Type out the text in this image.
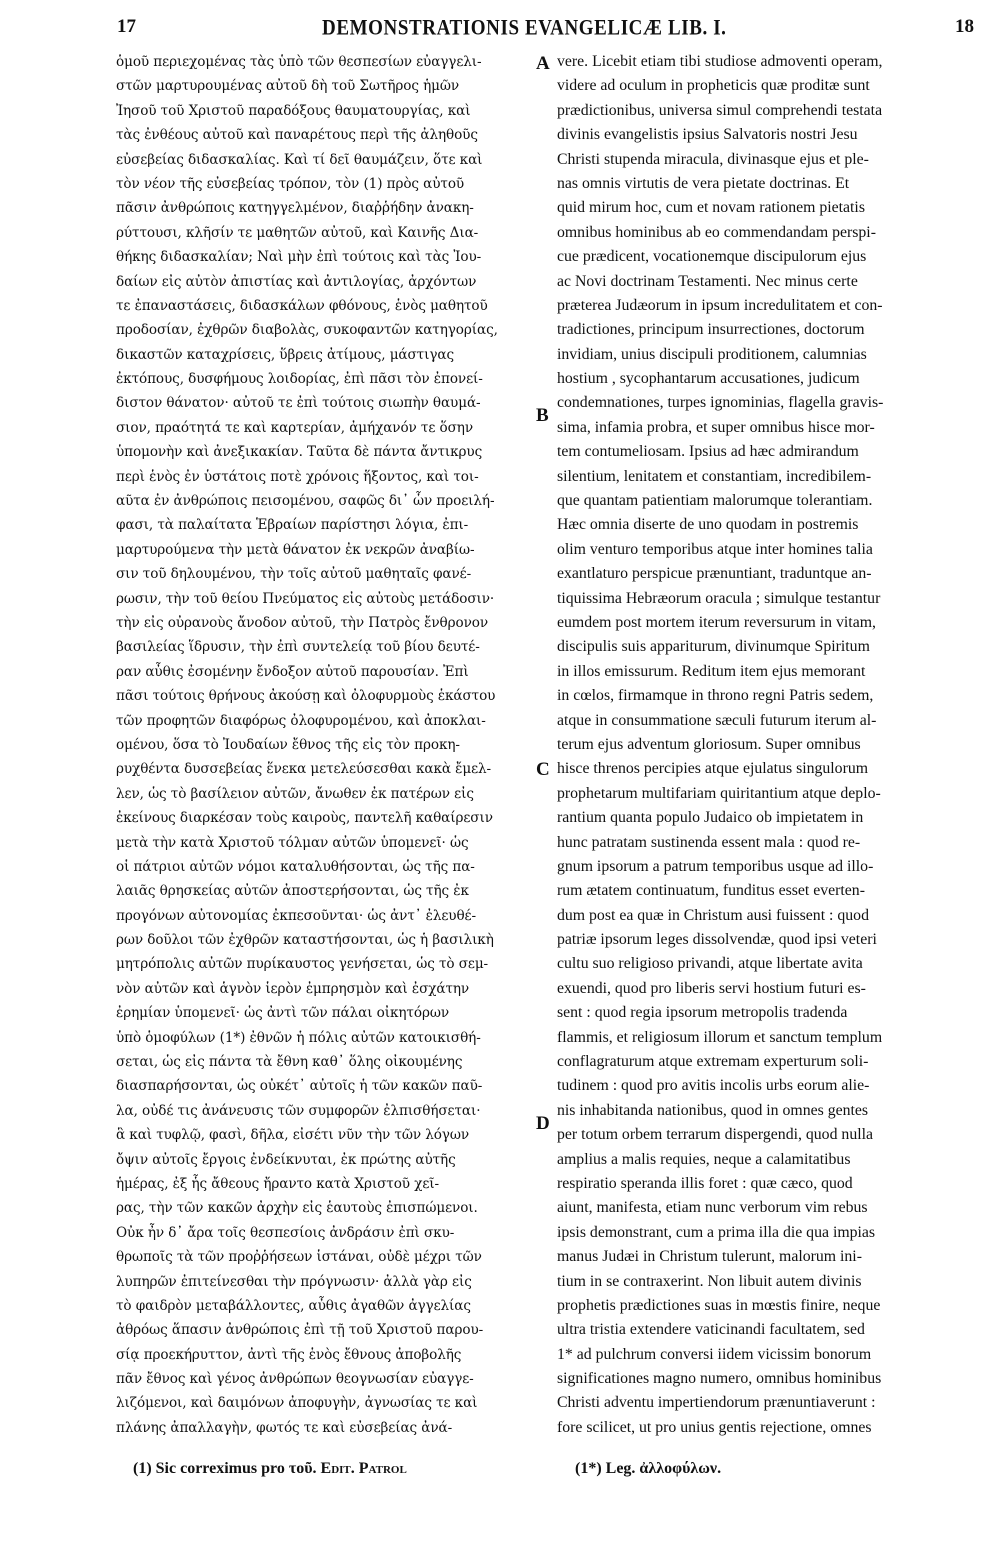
17	DEMONSTRATIONIS EVANGELICÆ LIB. I.	18
ὁμοῦ περιεχομένας τὰς ὑπὸ τῶν θεσπεσίων εὐαγγελι-
στῶν μαρτυρουμένας αὐτοῦ δὴ τοῦ Σωτῆρος ἡμῶν
Ἰησοῦ τοῦ Χριστοῦ παραδόξους θαυματουργίας, καὶ
τὰς ἐνθέους αὐτοῦ καὶ παναρέτους περὶ τῆς ἀληθοῦς
εὐσεβείας διδασκαλίας. Καὶ τί δεῖ θαυμάζειν, ὅτε καὶ
τὸν νέον τῆς εὐσεβείας τρόπον, τὸν (1) πρὸς αὐτοῦ
πᾶσιν ἀνθρώποις κατηγγελμένον, διαῤῥήδην ἀνακη-
ρύττουσι, κλῆσίν τε μαθητῶν αὐτοῦ, καὶ Καινῆς Δια-
θήκης διδασκαλίαν; Ναὶ μὴν ἐπὶ τούτοις καὶ τὰς Ἰου-
δαίων εἰς αὐτὸν ἀπιστίας καὶ ἀντιλογίας, ἀρχόντων
τε ἐπαναστάσεις, διδασκάλων φθόνους, ἑνὸς μαθητοῦ
προδοσίαν, ἐχθρῶν διαβολὰς, συκοφαντῶν κατηγορίας,
δικαστῶν καταχρίσεις, ὕβρεις ἀτίμους, μάστιγας
ἐκτόπους, δυσφήμους λοιδορίας, ἐπὶ πᾶσι τὸν ἐπονεί-
διστον θάνατον· αὐτοῦ τε ἐπὶ τούτοις σιωπὴν θαυμά-
σιον, πραότητά τε καὶ καρτερίαν, ἀμήχανόν τε ὅσην
ὑπομονὴν καὶ ἀνεξικακίαν. Ταῦτα δὲ πάντα ἄντικρυς
περὶ ἑνὸς ἐν ὑστάτοις ποτὲ χρόνοις ἥξοντος, καὶ τοι-
αῦτα ἐν ἀνθρώποις πεισομένου, σαφῶς δι᾽ ὧν προειλή-
φασι, τὰ παλαίτατα Ἑβραίων παρίστησι λόγια, ἐπι-
μαρτυρούμενα τὴν μετὰ θάνατον ἐκ νεκρῶν ἀναβίω-
σιν τοῦ δηλουμένου, τὴν τοῖς αὐτοῦ μαθηταῖς φανέ-
ρωσιν, τὴν τοῦ θείου Πνεύματος εἰς αὐτοὺς μετάδοσιν·
τὴν εἰς οὐρανοὺς ἄνοδον αὐτοῦ, τὴν Πατρὸς ἔνθρονον
βασιλείας ἵδρυσιν, τὴν ἐπὶ συντελείᾳ τοῦ βίου δευτέ-
ραν αὖθις ἐσομένην ἔνδοξον αὐτοῦ παρουσίαν. Ἐπὶ
πᾶσι τούτοις θρήνους ἀκούσῃ καὶ ὀλοφυρμοὺς ἑκάστου
τῶν προφητῶν διαφόρως ὀλοφυρομένου, καὶ ἀποκλαι-
ομένου, ὅσα τὸ Ἰουδαίων ἔθνος τῆς εἰς τὸν προκη-
ρυχθέντα δυσσεβείας ἕνεκα μετελεύσεσθαι κακὰ ἔμελ-
λεν, ὡς τὸ βασίλειον αὐτῶν, ἄνωθεν ἐκ πατέρων εἰς
ἐκείνους διαρκέσαν τοὺς καιροὺς, παντελῆ καθαίρεσιν
μετὰ τὴν κατὰ Χριστοῦ τόλμαν αὐτῶν ὑπομενεῖ· ὡς
οἱ πάτριοι αὐτῶν νόμοι καταλυθήσονται, ὡς τῆς πα-
λαιᾶς θρησκείας αὐτῶν ἀποστερήσονται, ὡς τῆς ἐκ
προγόνων αὐτονομίας ἐκπεσοῦνται· ὡς ἀντ᾽ ἐλευθέ-
ρων δοῦλοι τῶν ἐχθρῶν καταστήσονται, ὡς ἡ βασιλικὴ
μητρόπολις αὐτῶν πυρίκαυστος γενήσεται, ὡς τὸ σεμ-
νὸν αὐτῶν καὶ ἁγνὸν ἱερὸν ἐμπρησμὸν καὶ ἐσχάτην
ἐρημίαν ὑπομενεῖ· ὡς ἀντὶ τῶν πάλαι οἰκητόρων
ὑπὸ ὁμοφύλων (1*) ἐθνῶν ἡ πόλις αὐτῶν κατοικισθή-
σεται, ὡς εἰς πάντα τὰ ἔθνη καθ᾽ ὅλης οἰκουμένης
διασπαρήσονται, ὡς οὐκέτ᾽ αὐτοῖς ἡ τῶν κακῶν παῦ-
λα, οὐδέ τις ἀνάνευσις τῶν συμφορῶν ἐλπισθήσεται·
ἃ καὶ τυφλῷ, φασὶ, δῆλα, εἰσέτι νῦν τὴν τῶν λόγων
ὄψιν αὐτοῖς ἔργοις ἐνδείκνυται, ἐκ πρώτης αὐτῆς
ἡμέρας, ἐξ ἧς ἄθεους ἤραντο κατὰ Χριστοῦ χεῖ-
ρας, τὴν τῶν κακῶν ἀρχὴν εἰς ἑαυτοὺς ἐπισπώμενοι.
Οὐκ ἦν δ᾽ ἄρα τοῖς θεσπεσίοις ἀνδράσιν ἐπὶ σκυ-
θρωποῖς τὰ τῶν προῤῥήσεων ἱστάναι, οὐδὲ μέχρι τῶν
λυπηρῶν ἐπιτείνεσθαι τὴν πρόγνωσιν· ἀλλὰ γὰρ εἰς
τὸ φαιδρὸν μεταβάλλοντες, αὖθις ἀγαθῶν ἀγγελίας
ἀθρόως ἅπασιν ἀνθρώποις ἐπὶ τῇ τοῦ Χριστοῦ παρου-
σίᾳ προεκήρυττον, ἀντὶ τῆς ἑνὸς ἔθνους ἀποβολῆς
πᾶν ἔθνος καὶ γένος ἀνθρώπων θεογνωσίαν εὐαγγε-
λιζόμενοι, καὶ δαιμόνων ἀποφυγὴν, ἀγνωσίας τε καὶ
πλάνης ἀπαλλαγὴν, φωτός τε καὶ εὐσεβείας ἀνά-
vere. Licebit etiam tibi studiose admoventi operam,
videre ad oculum in propheticis quæ proditæ sunt
prædictionibus, universa simul comprehendi testata
divinis evangelistis ipsius Salvatoris nostri Jesu
Christi stupenda miracula, divinasque ejus et ple-
nas omnis virtutis de vera pietate doctrinas. Et
quid mirum hoc, cum et novam rationem pietatis
omnibus hominibus ab eo commendandam perspi-
cue prædicent, vocationemque discipulorum ejus
ac Novi doctrinam Testamenti. Nec minus certe
præterea Judæorum in ipsum incredulitatem et con-
tradictiones, principum insurrectiones, doctorum
invidiam, unius discipuli proditionem, calumnias
hostium , sycophantarum accusationes, judicum
condemnationes, turpes ignominias, flagella gravis-
sima, infamia probra, et super omnibus hisce mor-
tem contumeliosam. Ipsius ad hæc admirandum
silentium, lenitatem et constantiam, incredibilem-
que quantam patientiam malorumque tolerantiam.
Hæc omnia diserte de uno quodam in postremis
olim venturo temporibus atque inter homines talia
exantlaturo perspicue prænuntiant, traduntque an-
tiquissima Hebræorum oracula ; simulque testantur
eumdem post mortem iterum reversurum in vitam,
discipulis suis appariturum, divinumque Spiritum
in illos emissurum. Reditum item ejus memorant
in cœlos, firmamque in throno regni Patris sedem,
atque in consummatione sæculi futurum iterum al-
terum ejus adventum gloriosum. Super omnibus
hisce threnos percipies atque ejulatus singulorum
prophetarum multifariam quiritantium atque deplo-
rantium quanta populo Judaico ob impietatem in
hunc patratam sustinenda essent mala : quod re-
gnum ipsorum a patrum temporibus usque ad illo-
rum ætatem continuatum, funditus esset everten-
dum post ea quæ in Christum ausi fuissent : quod
patriæ ipsorum leges dissolvendæ, quod ipsi veteri
cultu suo religioso privandi, atque libertate avita
exuendi, quod pro liberis servi hostium futuri es-
sent : quod regia ipsorum metropolis tradenda
flammis, et religiosum illorum et sanctum templum
conflagraturum atque extremam experturum soli-
tudinem : quod pro avitis incolis urbs eorum alie-
nis inhabitanda nationibus, quod in omnes gentes
per totum orbem terrarum dispergendi, quod nulla
amplius a malis requies, neque a calamitatibus
respiratio speranda illis foret : quæ cæco, quod
aiunt, manifesta, etiam nunc verborum vim rebus
ipsis demonstrant, cum a prima illa die qua impias
manus Judæi in Christum tulerunt, malorum ini-
tium in se contraxerint. Non libuit autem divinis
prophetis prædictiones suas in mœstis finire, neque
ultra tristia extendere vaticinandi facultatem, sed
1* ad pulchrum conversi iidem vicissim bonorum
significationes magno numero, omnibus hominibus
Christi adventu impertiendorum prænuntiaverunt :
fore scilicet, ut pro unius gentis rejectione, omnes
A
B
C
D
(1) Sic correximus pro τοῦ. Edit. Patrol	(1*) Leg. ἀλλοφύλων.
